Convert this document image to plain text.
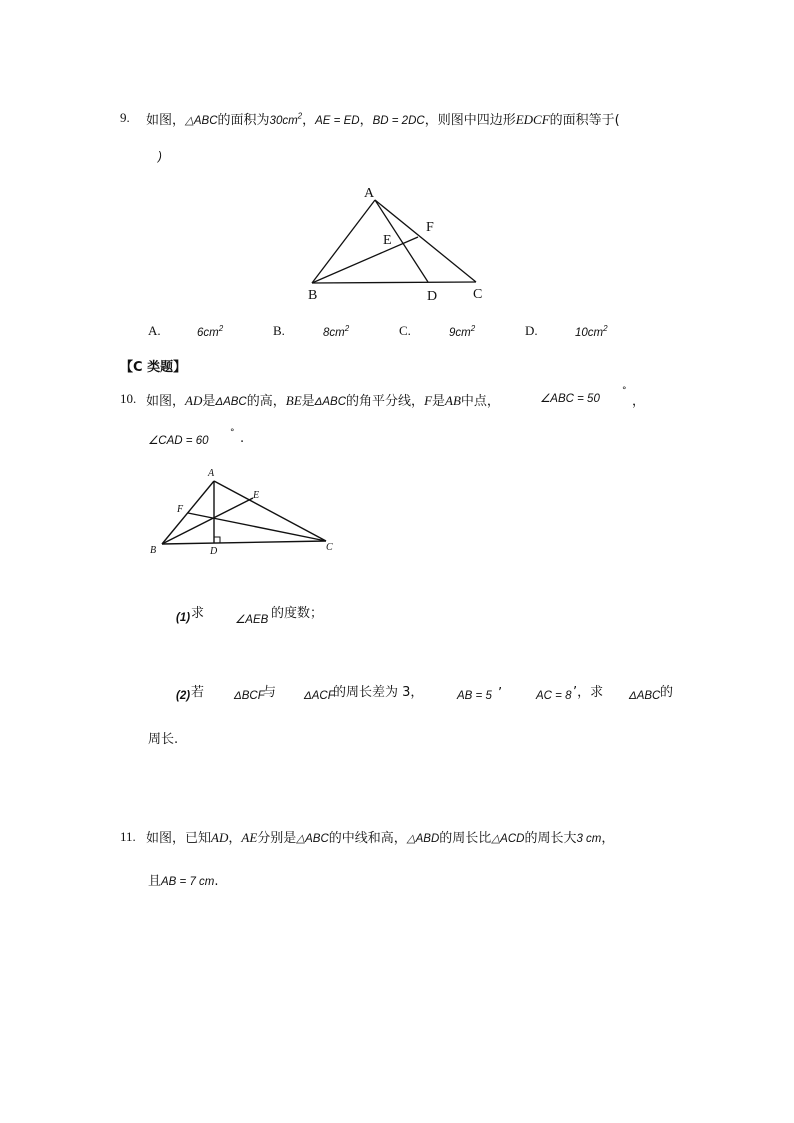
9. 如图，△ABC的面积为$30cm^2$，AE = ED，BD = 2DC，则图中四边形EDCF的面积等于(
)
A
B	C
D
E
F
A.	$6cm^2$	B.	$8cm^2$	C.	$9cm^2$	D.	$10cm^2$
【C 类题】
10. 如图，AD是ΔABC的高，BE是ΔABC的角平分线，F是AB中点，	∠ABC = 50
°
，
∠CAD = 60
° .
A
B	C
D
E
F
(1) 求	∠AEB 的度数；
(2) 若	ΔBCF
与 ΔACF
的周长差为 3，	AB = 5 ’	AC = 8 ’，求 ΔABC 的
周长.
11. 如图，已知AD，AE分别是△ABC的中线和高，△ABD的周长比△ACD的周长大3 cm，
且AB = 7 cm.
